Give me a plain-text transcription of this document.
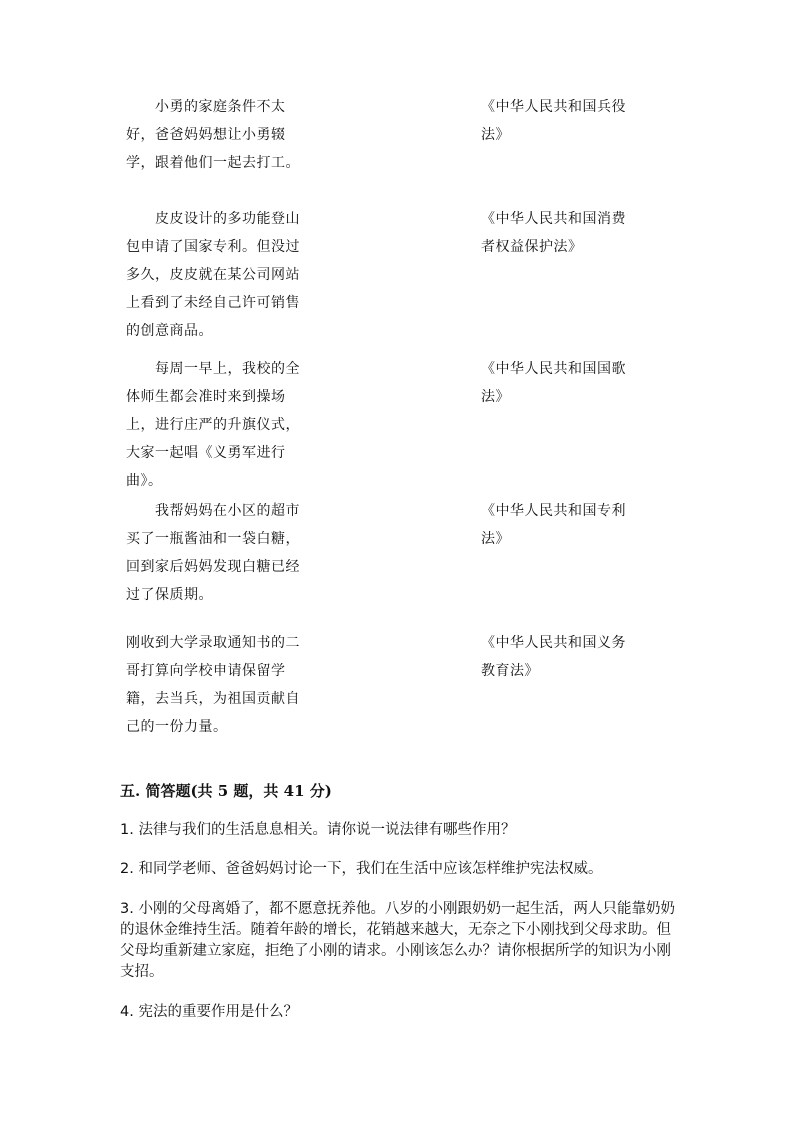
　　小勇的家庭条件不太好，爸爸妈妈想让小勇辍学，跟着他们一起去打工。
《中华人民共和国兵役法》
　　皮皮设计的多功能登山包申请了国家专利。但没过多久，皮皮就在某公司网站上看到了未经自己许可销售的创意商品。
《中华人民共和国消费者权益保护法》
　　每周一早上，我校的全体师生都会准时来到操场上，进行庄严的升旗仪式，大家一起唱《义勇军进行曲》。
《中华人民共和国国歌法》
　　我帮妈妈在小区的超市买了一瓶酱油和一袋白糖，回到家后妈妈发现白糖已经过了保质期。
《中华人民共和国专利法》
刚收到大学录取通知书的二哥打算向学校申请保留学籍，去当兵，为祖国贡献自己的一份力量。
《中华人民共和国义务教育法》
五. 简答题(共 5 题，共 41 分)
1. 法律与我们的生活息息相关。请你说一说法律有哪些作用？
2. 和同学老师、爸爸妈妈讨论一下，我们在生活中应该怎样维护宪法权威。
3. 小刚的父母离婚了，都不愿意抚养他。八岁的小刚跟奶奶一起生活，两人只能靠奶奶的退休金维持生活。随着年龄的增长，花销越来越大，无奈之下小刚找到父母求助。但父母均重新建立家庭，拒绝了小刚的请求。小刚该怎么办？请你根据所学的知识为小刚支招。
4. 宪法的重要作用是什么？
